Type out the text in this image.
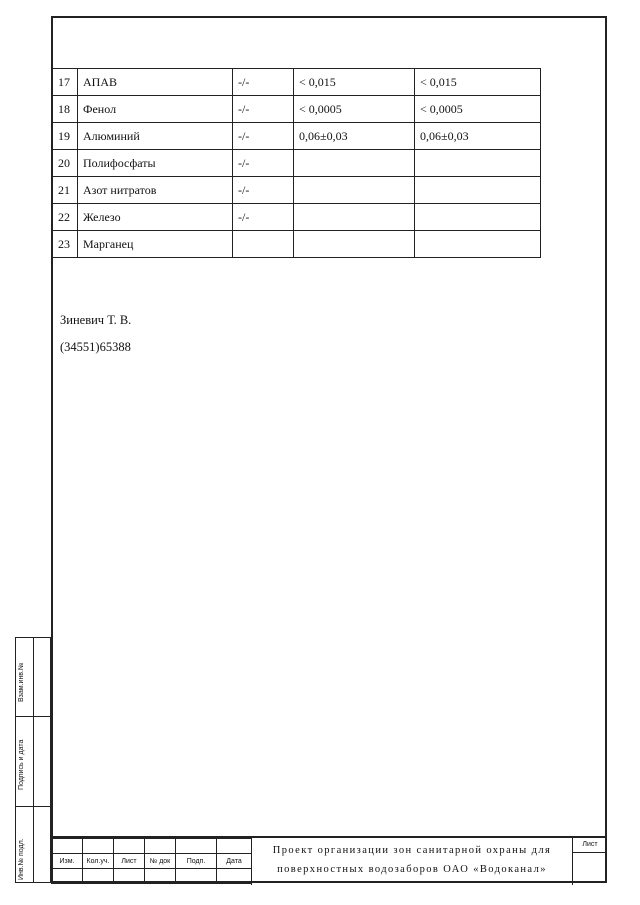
17	АПАВ	-/-	< 0,015	< 0,015
18	Фенол	-/-	< 0,0005	< 0,0005
19	Алюминий	-/-	0,06±0,03	0,06±0,03
20	Полифосфаты	-/-		
21	Азот нитратов	-/-		
22	Железо	-/-		
23	Марганец			
Зиневич Т. В.
(34551)65388
Взам.инв.№
Подпись и дата
Инв.№ подл.
						Изм.	Кол.уч.	Лист	№ док	Подп.	Дата

Проект организации зон санитарной охраны для
поверхностных водозаборов ОАО «Водоканал»
Лист
